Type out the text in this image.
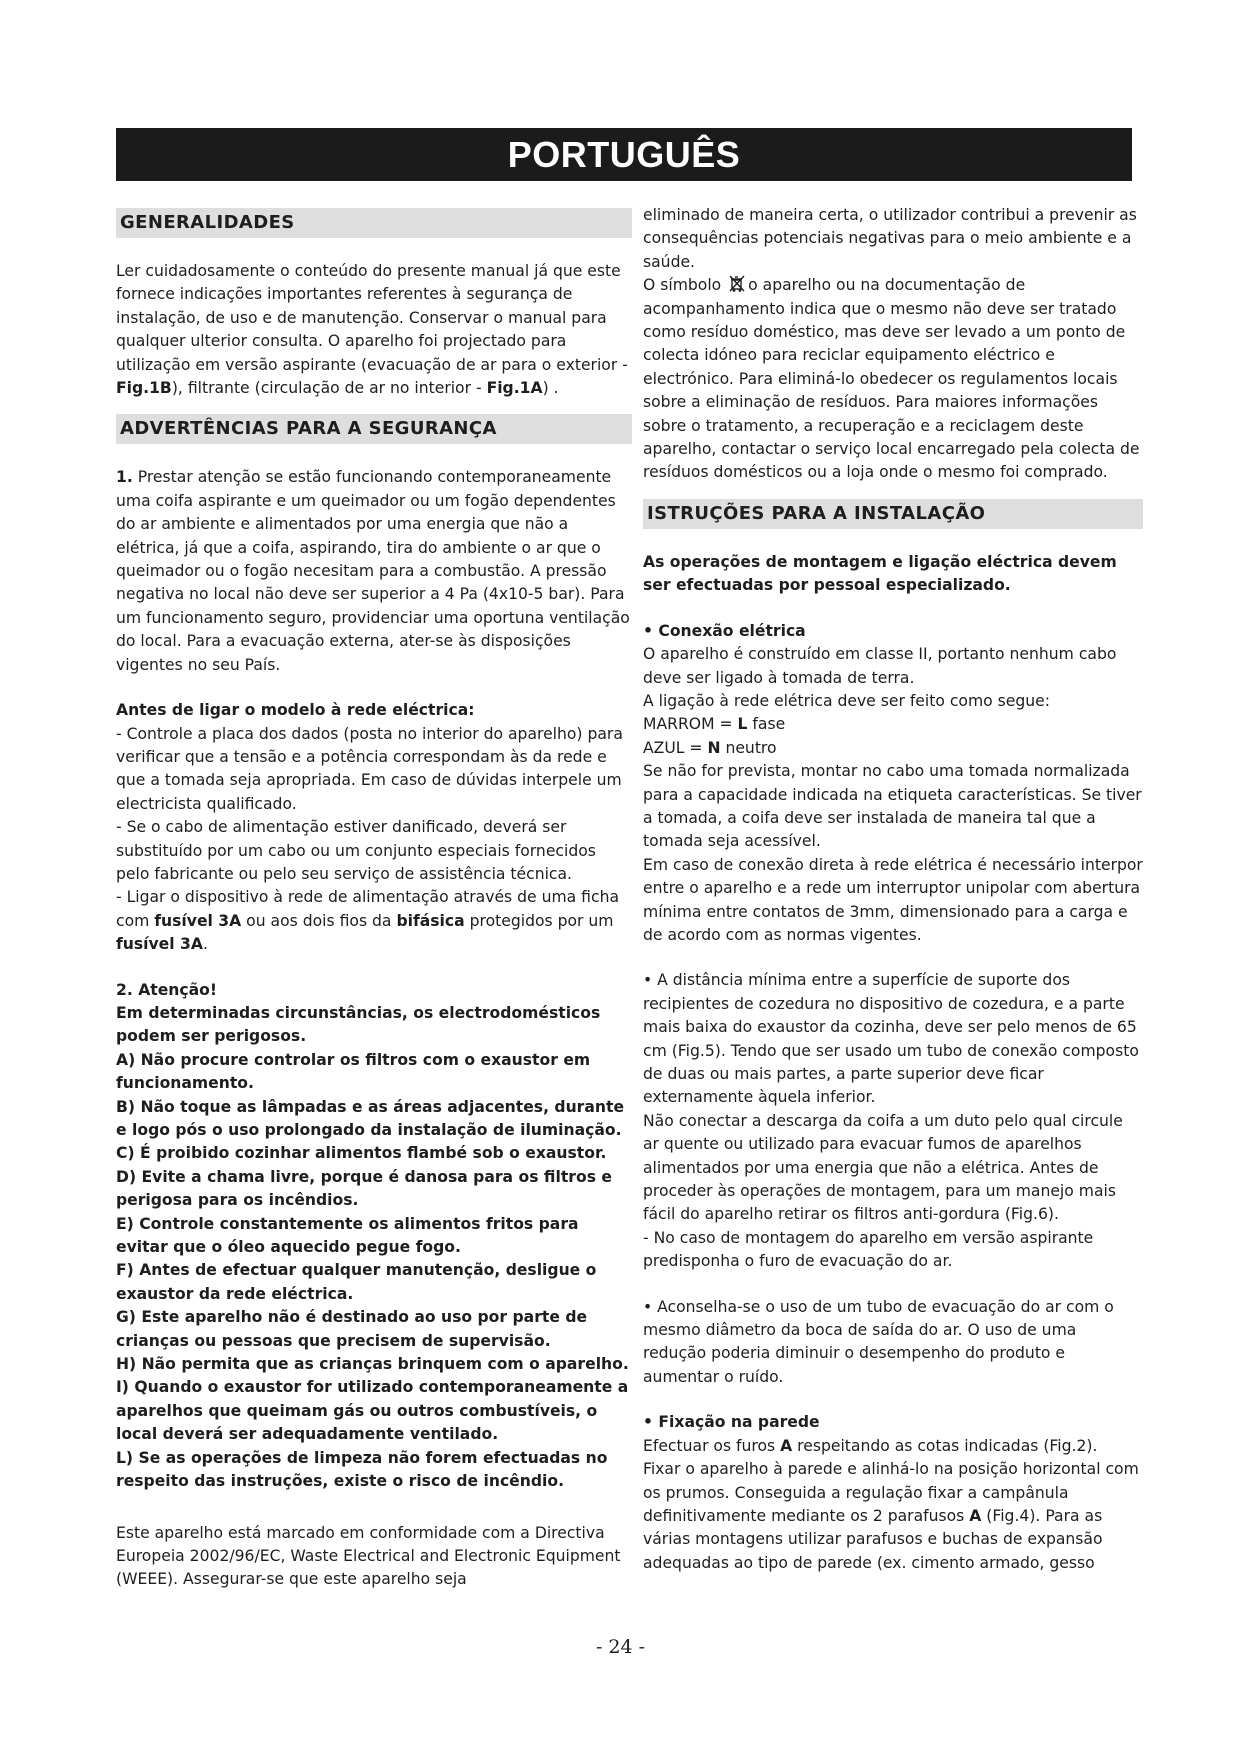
PORTUGUÊS	P
GENERALIDADES

Ler cuidadosamente o conteúdo do presente manual já que este fornece indicações importantes referentes à segurança de instalação, de uso e de manutenção. Conservar o manual para qualquer ulterior consulta. O aparelho foi projectado para utilização em versão aspirante (evacuação de ar para o exterior - Fig.1B), filtrante (circulação de ar no interior - Fig.1A) .

ADVERTÊNCIAS PARA A SEGURANÇA

1. Prestar atenção se estão funcionando contemporaneamente uma coifa aspirante e um queimador ou um fogão dependentes do ar ambiente e alimentados por uma energia que não a elétrica, já que a coifa, aspirando, tira do ambiente o ar que o queimador ou o fogão necesitam para a combustão. A pressão negativa no local não deve ser superior a 4 Pa (4x10-5 bar). Para um funcionamento seguro, providenciar uma oportuna ventilação do local. Para a evacuação externa, ater-se às disposições vigentes no seu País.

Antes de ligar o modelo à rede eléctrica:

- Controle a placa dos dados (posta no interior do aparelho) para verificar que a tensão e a potência correspondam às da rede e que a tomada seja apropriada. Em caso de dúvidas interpele um electricista qualificado.

- Se o cabo de alimentação estiver danificado, deverá ser substituído por um cabo ou um conjunto especiais fornecidos pelo fabricante ou pelo seu serviço de assistência técnica.

- Ligar o dispositivo à rede de alimentação através de uma ficha com fusível 3A ou aos dois fios da bifásica protegidos por um fusível 3A.

2. Atenção!

Em determinadas circunstâncias, os electrodomésticos podem ser perigosos.

A) Não procure controlar os filtros com o exaustor em funcionamento.

B) Não toque as lâmpadas e as áreas adjacentes, durante e logo pós o uso prolongado da instalação de iluminação.

C) É proibido cozinhar alimentos flambé sob o exaustor.

D) Evite a chama livre, porque é danosa para os filtros e perigosa para os incêndios.

E) Controle constantemente os alimentos fritos para evitar que o óleo aquecido pegue fogo.

F) Antes de efectuar qualquer manutenção, desligue o exaustor da rede eléctrica.

G) Este aparelho não é destinado ao uso por parte de crianças ou pessoas que precisem de supervisão.

H) Não permita que as crianças brinquem com o aparelho.

I) Quando o exaustor for utilizado contemporaneamente a aparelhos que queimam gás ou outros combustíveis, o local deverá ser adequadamente ventilado.

L) Se as operações de limpeza não forem efectuadas no respeito das instruções, existe o risco de incêndio.

Este aparelho está marcado em conformidade com a Directiva Europeia 2002/96/EC, Waste Electrical and Electronic Equipment (WEEE). Assegurar-se que este aparelho seja

eliminado de maneira certa, o utilizador contribui a prevenir as consequências potenciais negativas para o meio ambiente e a saúde.

O símbolo o aparelho ou na documentação de acompanhamento indica que o mesmo não deve ser tratado como resíduo doméstico, mas deve ser levado a um ponto de colecta idóneo para reciclar equipamento eléctrico e electrónico. Para eliminá-lo obedecer os regulamentos locais sobre a eliminação de resíduos. Para maiores informações sobre o tratamento, a recuperação e a reciclagem deste aparelho, contactar o serviço local encarregado pela colecta de resíduos domésticos ou a loja onde o mesmo foi comprado.

ISTRUÇÕES PARA A INSTALAÇÃO

As operações de montagem e ligação eléctrica devem ser efectuadas por pessoal especializado.

• Conexão elétrica

O aparelho é construído em classe II, portanto nenhum cabo deve ser ligado à tomada de terra.

A ligação à rede elétrica deve ser feito como segue:

MARROM = L fase

AZUL = N neutro

Se não for prevista, montar no cabo uma tomada normalizada para a capacidade indicada na etiqueta características. Se tiver a tomada, a coifa deve ser instalada de maneira tal que a tomada seja acessível.

Em caso de conexão direta à rede elétrica é necessário interpor entre o aparelho e a rede um interruptor unipolar com abertura mínima entre contatos de 3mm, dimensionado para a carga e de acordo com as normas vigentes.

• A distância mínima entre a superfície de suporte dos recipientes de cozedura no dispositivo de cozedura, e a parte mais baixa do exaustor da cozinha, deve ser pelo menos de 65 cm (Fig.5). Tendo que ser usado um tubo de conexão composto de duas ou mais partes, a parte superior deve ficar externamente àquela inferior.

Não conectar a descarga da coifa a um duto pelo qual circule ar quente ou utilizado para evacuar fumos de aparelhos alimentados por uma energia que não a elétrica. Antes de proceder às operações de montagem, para um manejo mais fácil do aparelho retirar os filtros anti-gordura (Fig.6).

- No caso de montagem do aparelho em versão aspirante predisponha o furo de evacuação do ar.

• Aconselha-se o uso de um tubo de evacuação do ar com o mesmo diâmetro da boca de saída do ar. O uso de uma redução poderia diminuir o desempenho do produto e aumentar o ruído.

• Fixação na parede

Efectuar os furos A respeitando as cotas indicadas (Fig.2).

Fixar o aparelho à parede e alinhá-lo na posição horizontal com os prumos. Conseguida a regulação fixar a campânula definitivamente mediante os 2 parafusos A (Fig.4). Para as várias montagens utilizar parafusos e buchas de expansão adequadas ao tipo de parede (ex. cimento armado, gesso

- 24 -
